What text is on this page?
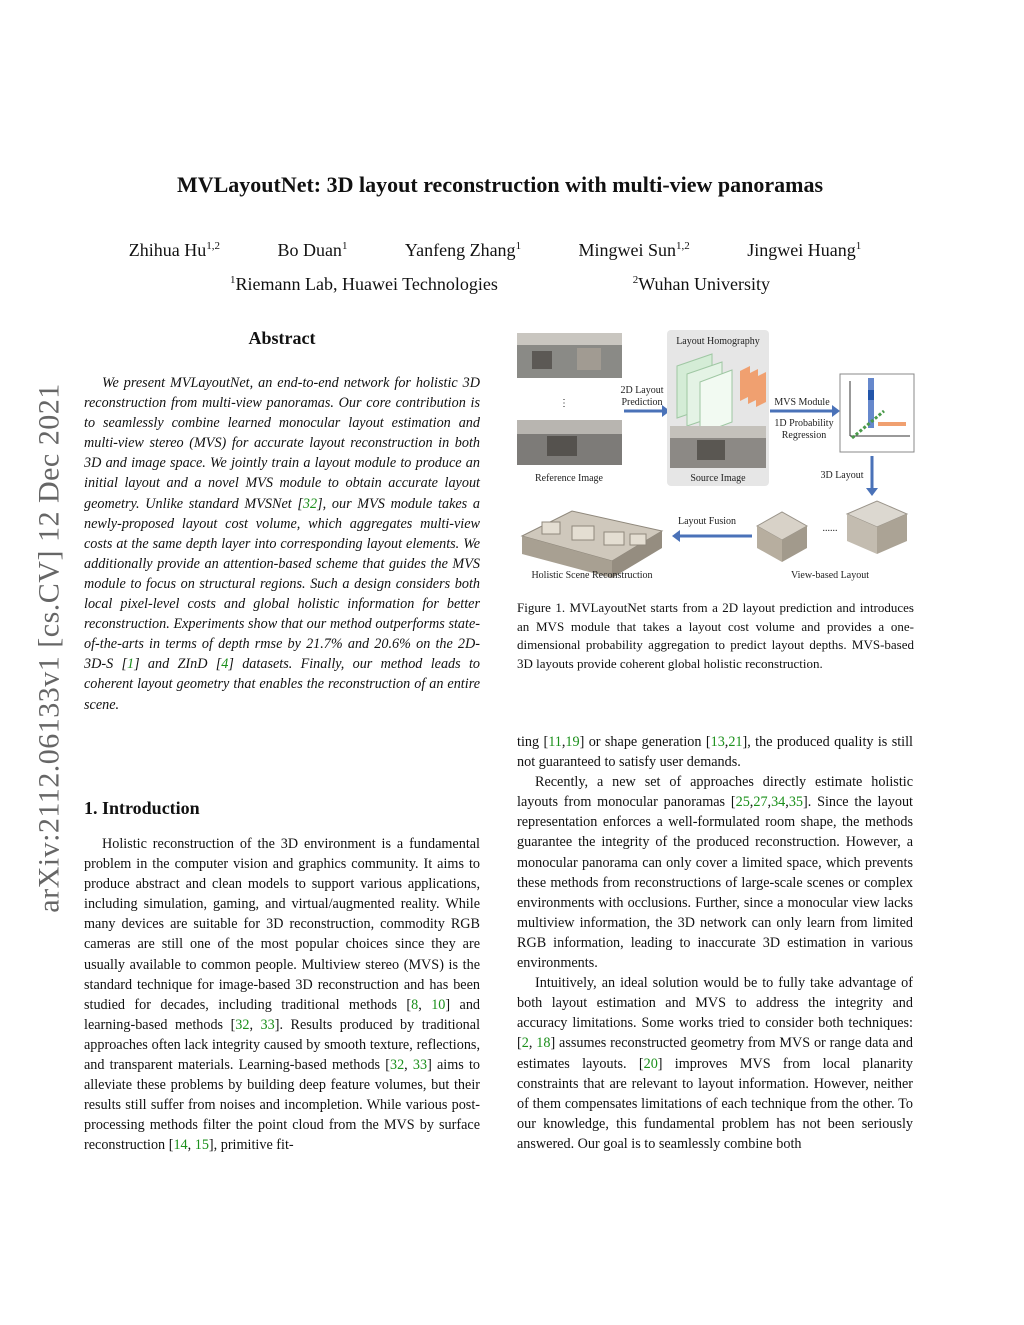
arXiv:2112.06133v1 [cs.CV] 12 Dec 2021
MVLayoutNet: 3D layout reconstruction with multi-view panoramas
Zhihua Hu$^{1,2}$	Bo Duan$^1$	Yanfeng Zhang$^1$	Mingwei Sun$^{1,2}$	Jingwei Huang$^1$
$^1$Riemann Lab, Huawei Technologies	$^2$Wuhan University
Abstract

We present MVLayoutNet, an end-to-end network for holistic 3D reconstruction from multi-view panoramas. Our core contribution is to seamlessly combine learned monocular layout estimation and multi-view stereo (MVS) for accurate layout reconstruction in both 3D and image space. We jointly train a layout module to produce an initial layout and a novel MVS module to obtain accurate layout geometry. Unlike standard MVSNet [32], our MVS module takes a newly-proposed layout cost volume, which aggregates multi-view costs at the same depth layer into corresponding layout elements. We additionally provide an attention-based scheme that guides the MVS module to focus on structural regions. Such a design considers both local pixel-level costs and global holistic information for better reconstruction. Experiments show that our method outperforms state-of-the-arts in terms of depth rmse by 21.7% and 20.6% on the 2D-3D-S [1] and ZInD [4] datasets. Finally, our method leads to coherent layout geometry that enables the reconstruction of an entire scene.

1. Introduction

Holistic reconstruction of the 3D environment is a fundamental problem in the computer vision and graphics community. It aims to produce abstract and clean models to support various applications, including simulation, gaming, and virtual/augmented reality. While many devices are suitable for 3D reconstruction, commodity RGB cameras are still one of the most popular choices since they are usually available to common people. Multiview stereo (MVS) is the standard technique for image-based 3D reconstruction and has been studied for decades, including traditional methods [8, 10] and learning-based methods [32, 33]. Results produced by traditional approaches often lack integrity caused by smooth texture, reflections, and transparent materials. Learning-based methods [32, 33] aims to alleviate these problems by building deep feature volumes, but their results still suffer from noises and incompletion. While various post-processing methods filter the point cloud from the MVS by surface reconstruction [14, 15], primitive fit-

⋮
Reference Image
2D Layout
Prediction
Layout Homography
Source Image
MVS Module
1D Probability
Regression
3D Layout
......
View-based Layout
Layout Fusion
Holistic Scene Reconstruction

Figure 1. MVLayoutNet starts from a 2D layout prediction and introduces an MVS module that takes a layout cost volume and provides a one-dimensional probability aggregation to predict layout depths. MVS-based 3D layouts provide coherent global holistic reconstruction.

ting [11,19] or shape generation [13,21], the produced quality is still not guaranteed to satisfy user demands.

Recently, a new set of approaches directly estimate holistic layouts from monocular panoramas [25,27,34,35]. Since the layout representation enforces a well-formulated room shape, the methods guarantee the integrity of the produced reconstruction. However, a monocular panorama can only cover a limited space, which prevents these methods from reconstructions of large-scale scenes or complex environments with occlusions. Further, since a monocular view lacks multiview information, the 3D network can only learn from limited RGB information, leading to inaccurate 3D estimation in various environments.

Intuitively, an ideal solution would be to fully take advantage of both layout estimation and MVS to address the integrity and accuracy limitations. Some works tried to consider both techniques: [2, 18] assumes reconstructed geometry from MVS or range data and estimates layouts. [20] improves MVS from local planarity constraints that are relevant to layout information. However, neither of them compensates limitations of each technique from the other. To our knowledge, this fundamental problem has not been seriously answered. Our goal is to seamlessly combine both
